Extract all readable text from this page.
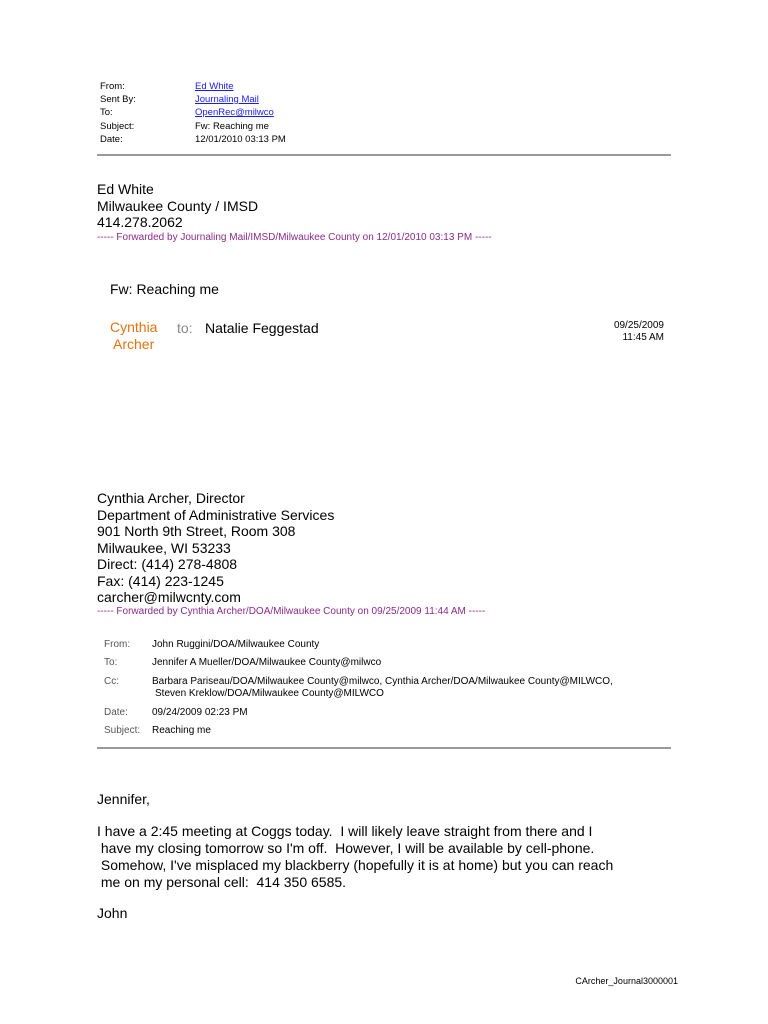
From:	Ed White
Sent By:	Journaling Mail
To:	OpenRec@milwco
Subject:	Fw: Reaching me
Date:	12/01/2010 03:13 PM
Ed White
Milwaukee County / IMSD
414.278.2062
----- Forwarded by Journaling Mail/IMSD/Milwaukee County on 12/01/2010 03:13 PM -----
Fw: Reaching me
Cynthia
Archer
to: Natalie Feggestad	09/25/2009
11:45 AM
Cynthia Archer, Director
Department of Administrative Services
901 North 9th Street, Room 308
Milwaukee, WI 53233
Direct: (414) 278-4808
Fax: (414) 223-1245
carcher@milwcnty.com
----- Forwarded by Cynthia Archer/DOA/Milwaukee County on 09/25/2009 11:44 AM -----
From: John Ruggini/DOA/Milwaukee County
To:	Jennifer A Mueller/DOA/Milwaukee County@milwco
Cc:	Barbara Pariseau/DOA/Milwaukee County@milwco, Cynthia Archer/DOA/Milwaukee County@MILWCO,
Steven Kreklow/DOA/Milwaukee County@MILWCO
Date: 09/24/2009 02:23 PM
Subject: Reaching me
Jennifer,
I have a 2:45 meeting at Coggs today.  I will likely leave straight from there and I
have my closing tomorrow so I'm off.  However, I will be available by cell-phone.
Somehow, I've misplaced my blackberry (hopefully it is at home) but you can reach
me on my personal cell:  414 350 6585.
John
CArcher_Journal3000001
